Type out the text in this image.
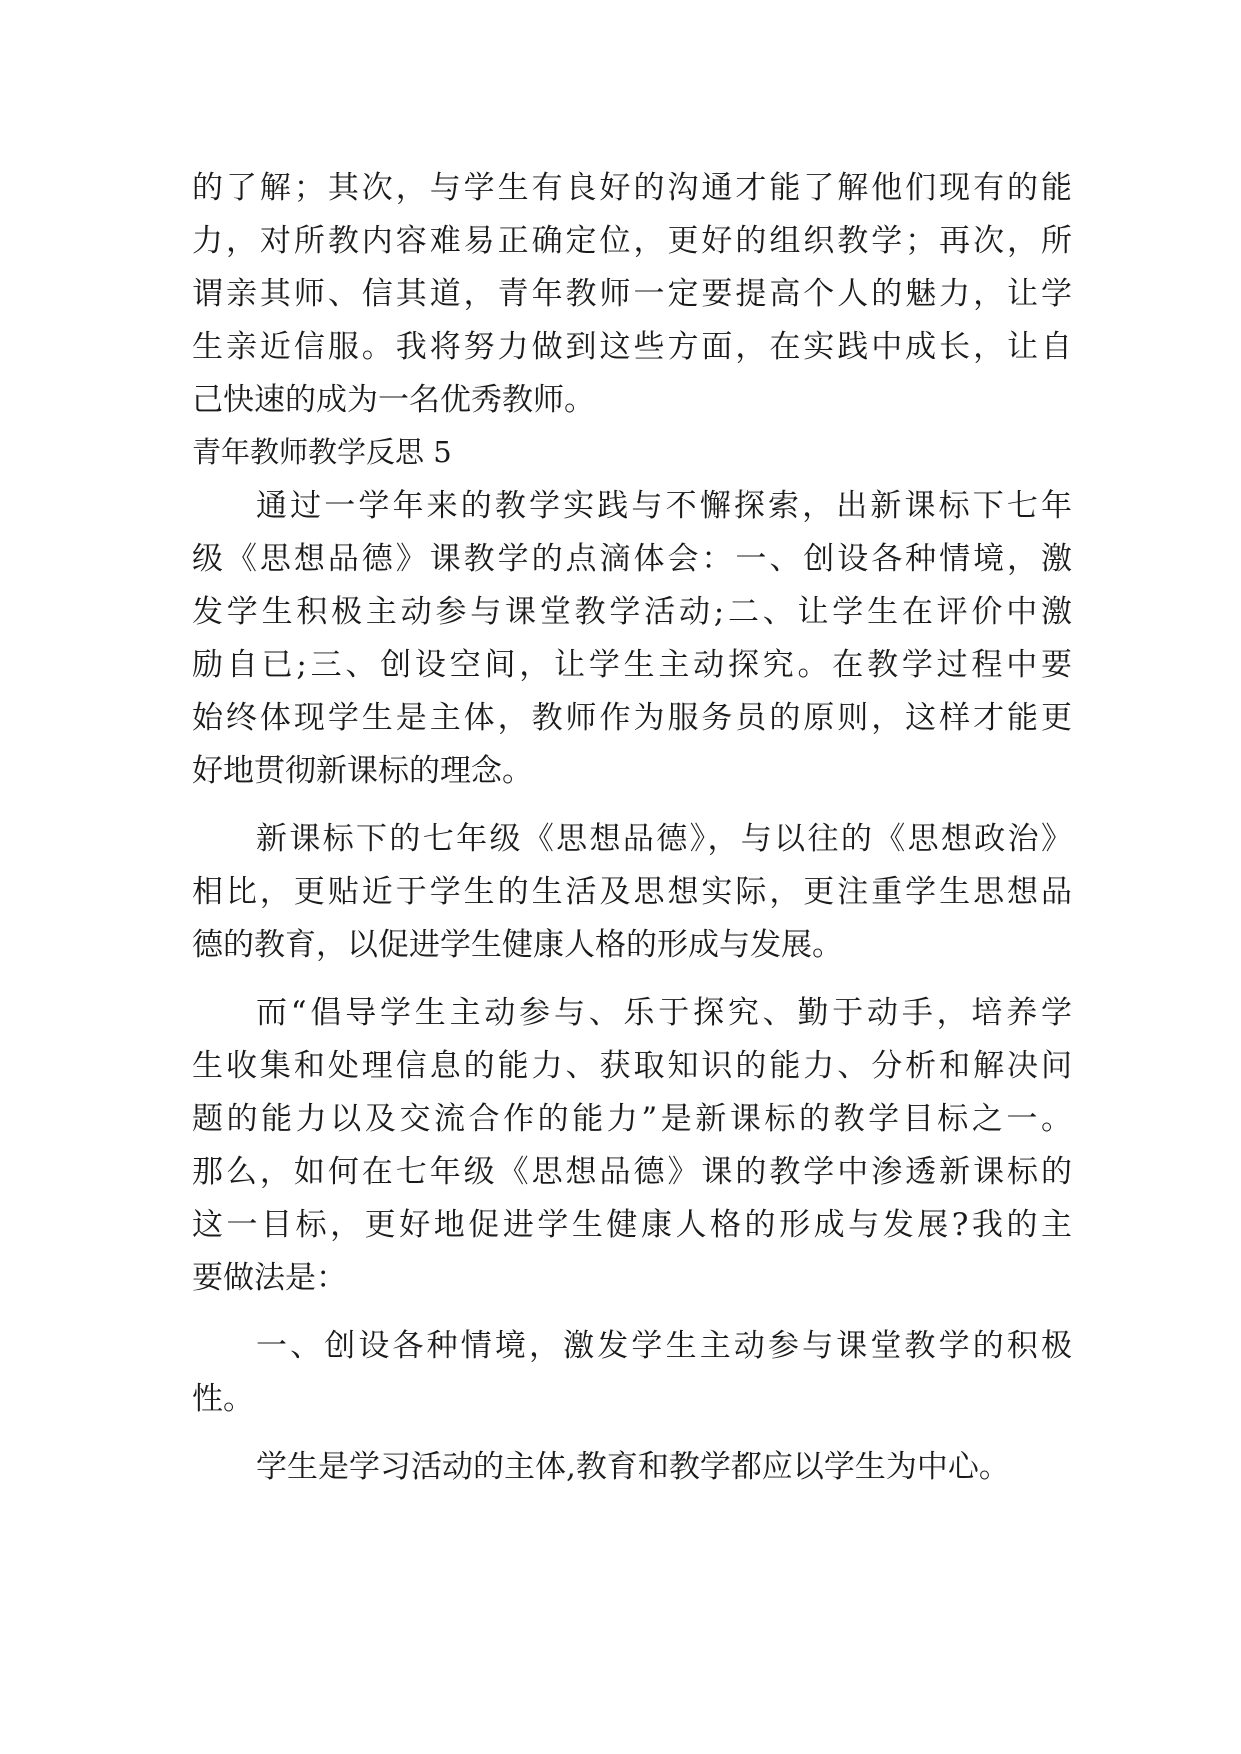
的了解；其次，与学生有良好的沟通才能了解他们现有的能
力，对所教内容难易正确定位，更好的组织教学；再次，所
谓亲其师、信其道，青年教师一定要提高个人的魅力，让学
生亲近信服。我将努力做到这些方面，在实践中成长，让自
己快速的成为一名优秀教师。
青年教师教学反思 5
通过一学年来的教学实践与不懈探索，出新课标下七年
级《思想品德》课教学的点滴体会：一、创设各种情境，激
发学生积极主动参与课堂教学活动;二、让学生在评价中激
励自已;三、创设空间，让学生主动探究。在教学过程中要
始终体现学生是主体，教师作为服务员的原则，这样才能更
好地贯彻新课标的理念。
新课标下的七年级《思想品德》，与以往的《思想政治》
相比，更贴近于学生的生活及思想实际，更注重学生思想品
德的教育，以促进学生健康人格的形成与发展。
而“倡导学生主动参与、乐于探究、勤于动手，培养学
生收集和处理信息的能力、获取知识的能力、分析和解决问
题的能力以及交流合作的能力”是新课标的教学目标之一。
那么，如何在七年级《思想品德》课的教学中渗透新课标的
这一目标，更好地促进学生健康人格的形成与发展?我的主
要做法是：
一、创设各种情境，激发学生主动参与课堂教学的积极
性。
学生是学习活动的主体,教育和教学都应以学生为中心。
